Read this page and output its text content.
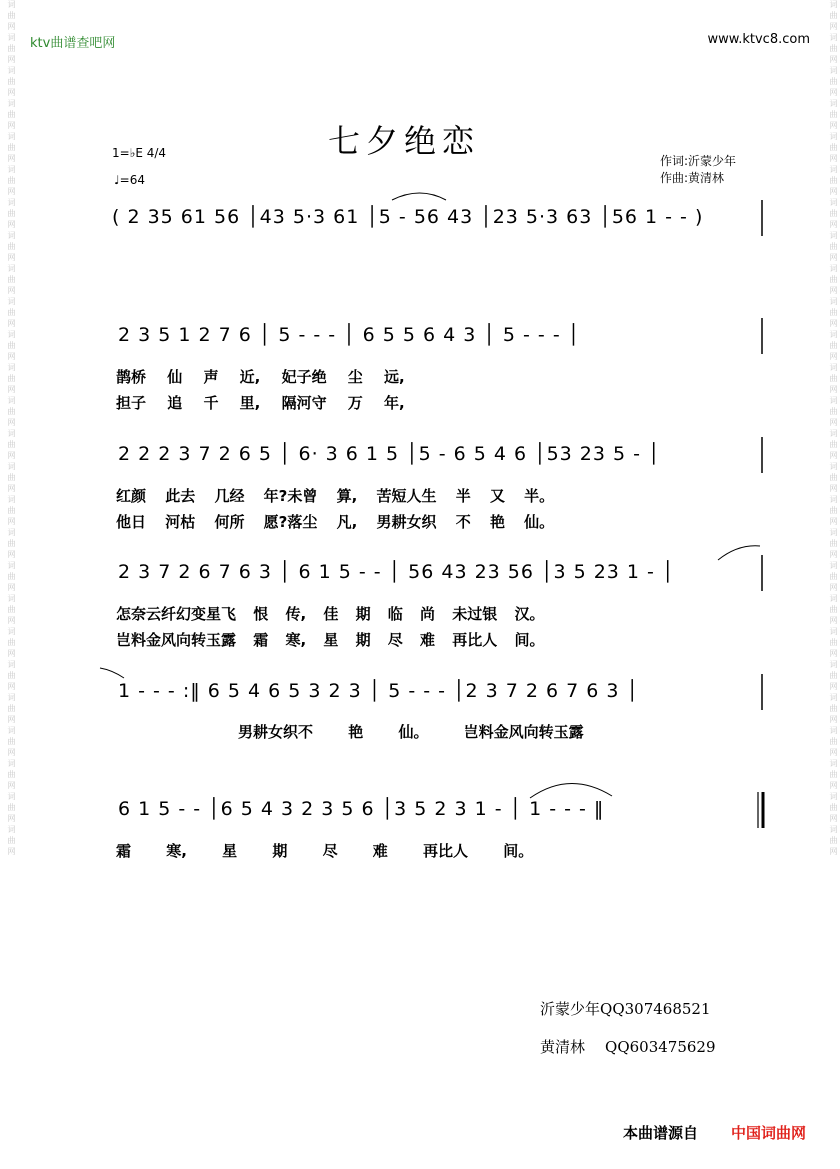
词曲网词曲网词曲网词曲网词曲网词曲网词曲网词曲网词曲网词曲网词曲网词曲网词曲网词曲网词曲网词曲网词曲网词曲网词曲网词曲网词曲网词曲网词曲网词曲网词曲网词曲网	词曲网词曲网词曲网词曲网词曲网词曲网词曲网词曲网词曲网词曲网词曲网词曲网词曲网词曲网词曲网词曲网词曲网词曲网词曲网词曲网词曲网词曲网词曲网词曲网词曲网词曲网
ktv曲谱查吧网	www.ktvc8.com
七夕绝恋
1=♭E 4/4
♩=64
作词:沂蒙少年
作曲:黄清林
( 2 35 61 56 │43 5·3 61 │5 - 56 43 │23 5·3 63 │56 1 - - )
2 3 5 1 2 7 6 │ 5 - - - │ 6 5 5 6 4 3 │ 5 - - - │
鹊桥 仙 声 近, 妃子绝 尘 远,
担子 追 千 里, 隔河守 万 年,
2 2 2 3 7 2 6 5 │ 6· 3 6 1 5 │5 - 6 5 4 6 │53 23 5 - │
红颜 此去 几经 年?未曾 算, 苦短人生 半 又 半。
他日 河枯 何所 愿?落尘 凡, 男耕女织 不 艳 仙。
2 3 7 2 6 7 6 3 │ 6 1 5 - - │ 56 43 23 56 │3 5 23 1 - │
怎奈云纤幻变星飞 恨 传, 佳 期 临 尚 未过银 汉。
岂料金风向转玉露 霜 寒, 星 期 尽 难 再比人 间。
1 - - - :‖ 6 5 4 6 5 3 2 3 │ 5 - - - │2 3 7 2 6 7 6 3 │
男耕女织不 艳 仙。 岂料金风向转玉露
6 1 5 - - │6 5 4 3 2 3 5 6 │3 5 2 3 1 - │ 1 - - - ‖
霜 寒, 星 期 尽 难 再比人 间。
沂蒙少年QQ307468521
黄清林 QQ603475629
本曲谱源自 中国词曲网
